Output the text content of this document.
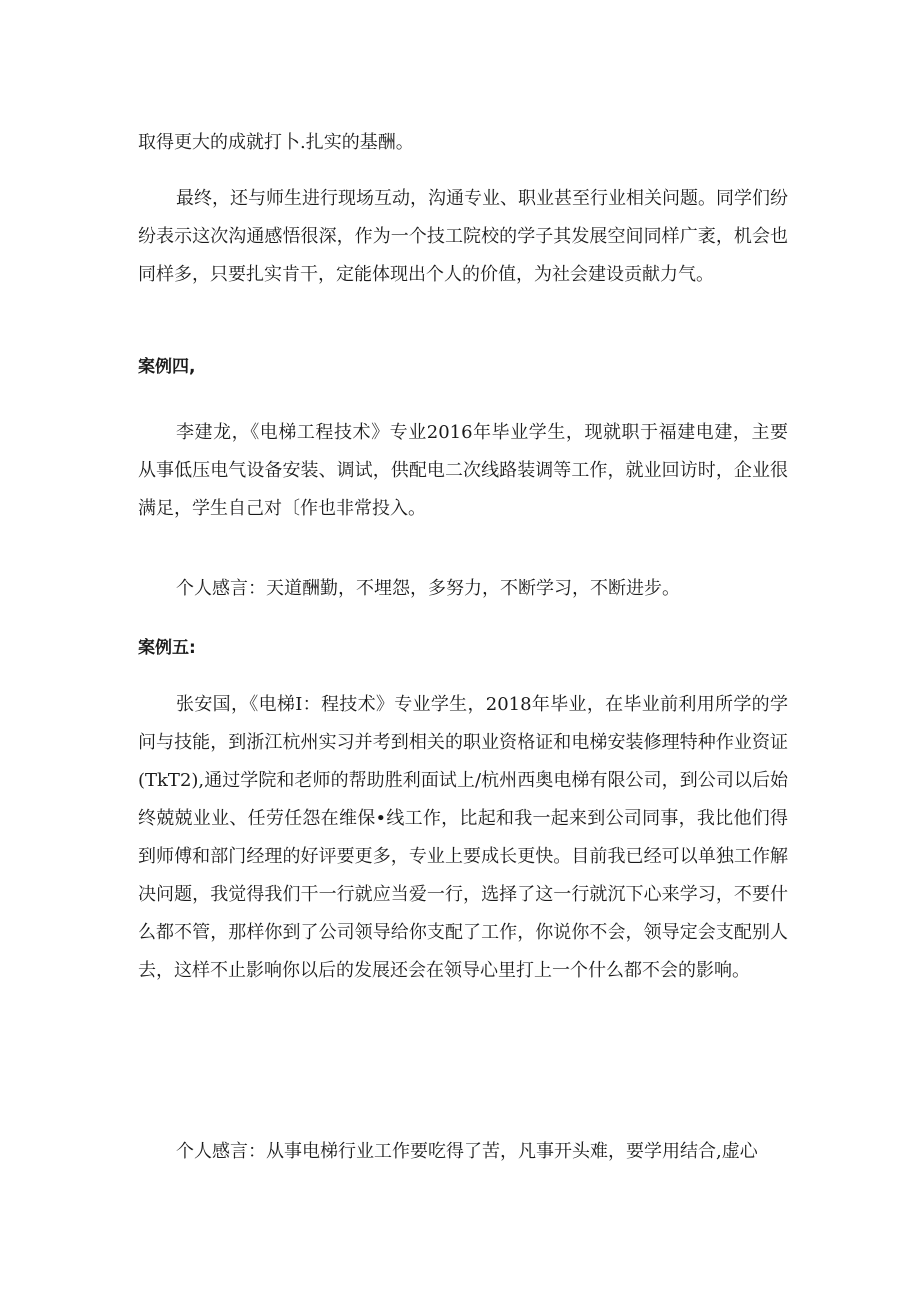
取得更大的成就打卜.扎实的基酬。

最终，还与师生进行现场互动，沟通专业、职业甚至行业相关问题。同学们纷纷表示这次沟通感悟很深，作为一个技工院校的学子其发展空间同样广袤，机会也同样多，只要扎实肯干，定能体现出个人的价值，为社会建设贡献力气。

案例四,

李建龙，《电梯工程技术》专业2016年毕业学生，现就职于福建电建，主要从事低压电气设备安装、调试，供配电二次线路装调等工作，就业回访时，企业很满足，学生自己对〔作也非常投入。

个人感言：天道酬勤，不埋怨，多努力，不断学习，不断进步。

案例五:

张安国，《电梯I：程技术》专业学生，2018年毕业，在毕业前利用所学的学问与技能，到浙江杭州实习并考到相关的职业资格证和电梯安装修理特种作业资证(TkT2),通过学院和老师的帮助胜利面试上/杭州西奥电梯有限公司，到公司以后始终兢兢业业、任劳任怨在维保•线工作，比起和我一起来到公司同事，我比他们得到师傅和部门经理的好评要更多，专业上要成长更快。目前我已经可以单独工作解决问题，我觉得我们干一行就应当爱一行，选择了这一行就沉下心来学习，不要什么都不管，那样你到了公司领导给你支配了工作，你说你不会，领导定会支配别人去，这样不止影响你以后的发展还会在领导心里打上一个什么都不会的影响。

个人感言：从事电梯行业工作要吃得了苦，凡事开头难，要学用结合,虚心
